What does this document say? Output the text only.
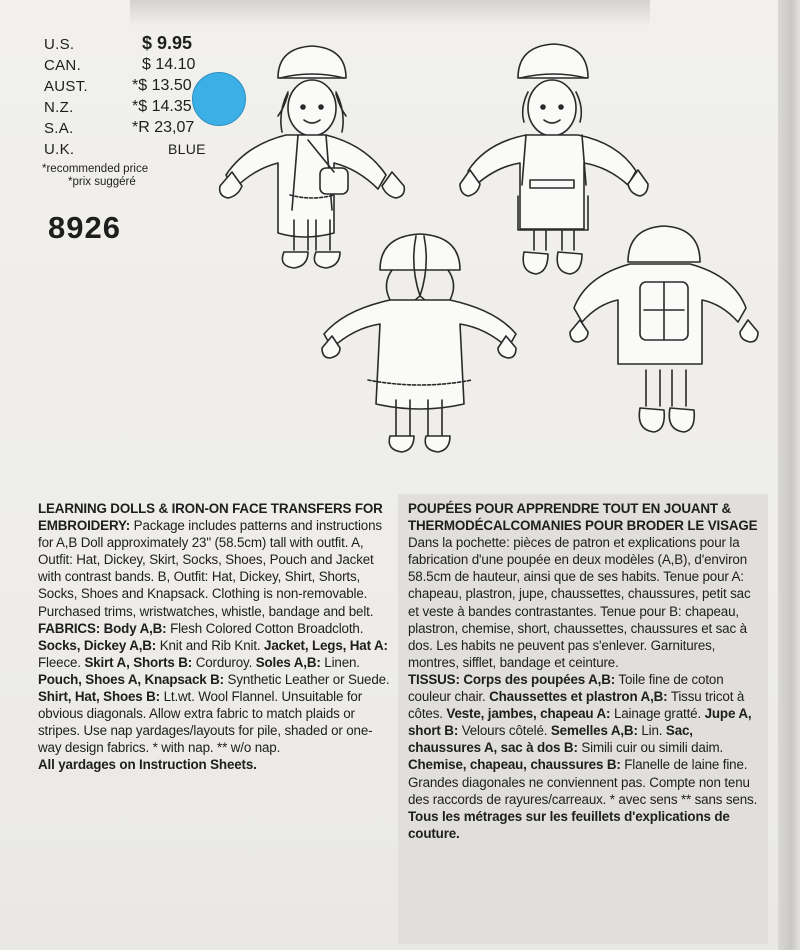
U.S.	$ 9.95
CAN.	$ 14.10
AUST.	*$ 13.50
N.Z.	*$ 14.35
S.A.	*R 23,07
U.K.	BLUE
*recommended price
*prix suggéré
8926

LEARNING DOLLS & IRON-ON FACE TRANSFERS FOR EMBROIDERY: Package includes patterns and instructions for A,B Doll approximately 23" (58.5cm) tall with outfit. A, Outfit: Hat, Dickey, Skirt, Socks, Shoes, Pouch and Jacket with contrast bands. B, Outfit: Hat, Dickey, Shirt, Shorts, Socks, Shoes and Knapsack. Clothing is non-removable. Purchased trims, wristwatches, whistle, bandage and belt.

FABRICS: Body A,B: Flesh Colored Cotton Broadcloth. Socks, Dickey A,B: Knit and Rib Knit. Jacket, Legs, Hat A: Fleece. Skirt A, Shorts B: Corduroy. Soles A,B: Linen. Pouch, Shoes A, Knapsack B: Synthetic Leather or Suede. Shirt, Hat, Shoes B: Lt.wt. Wool Flannel. Unsuitable for obvious diagonals. Allow extra fabric to match plaids or stripes. Use nap yardages/layouts for pile, shaded or one-way design fabrics. * with nap. ** w/o nap.

All yardages on Instruction Sheets.

POUPÉES POUR APPRENDRE TOUT EN JOUANT & THERMODÉCALCOMANIES POUR BRODER LE VISAGE
Dans la pochette: pièces de patron et explications pour la fabrication d'une poupée en deux modèles (A,B), d'environ 58.5cm de hauteur, ainsi que de ses habits. Tenue pour A: chapeau, plastron, jupe, chaussettes, chaussures, petit sac et veste à bandes contrastantes. Tenue pour B: chapeau, plastron, chemise, short, chaussettes, chaussures et sac à dos. Les habits ne peuvent pas s'enlever. Garnitures, montres, sifflet, bandage et ceinture.

TISSUS: Corps des poupées A,B: Toile fine de coton couleur chair. Chaussettes et plastron A,B: Tissu tricot à côtes. Veste, jambes, chapeau A: Lainage gratté. Jupe A, short B: Velours côtelé. Semelles A,B: Lin. Sac, chaussures A, sac à dos B: Simili cuir ou simili daim. Chemise, chapeau, chaussures B: Flanelle de laine fine. Grandes diagonales ne conviennent pas. Compte non tenu des raccords de rayures/carreaux. * avec sens ** sans sens.

Tous les métrages sur les feuillets d'explications de couture.
